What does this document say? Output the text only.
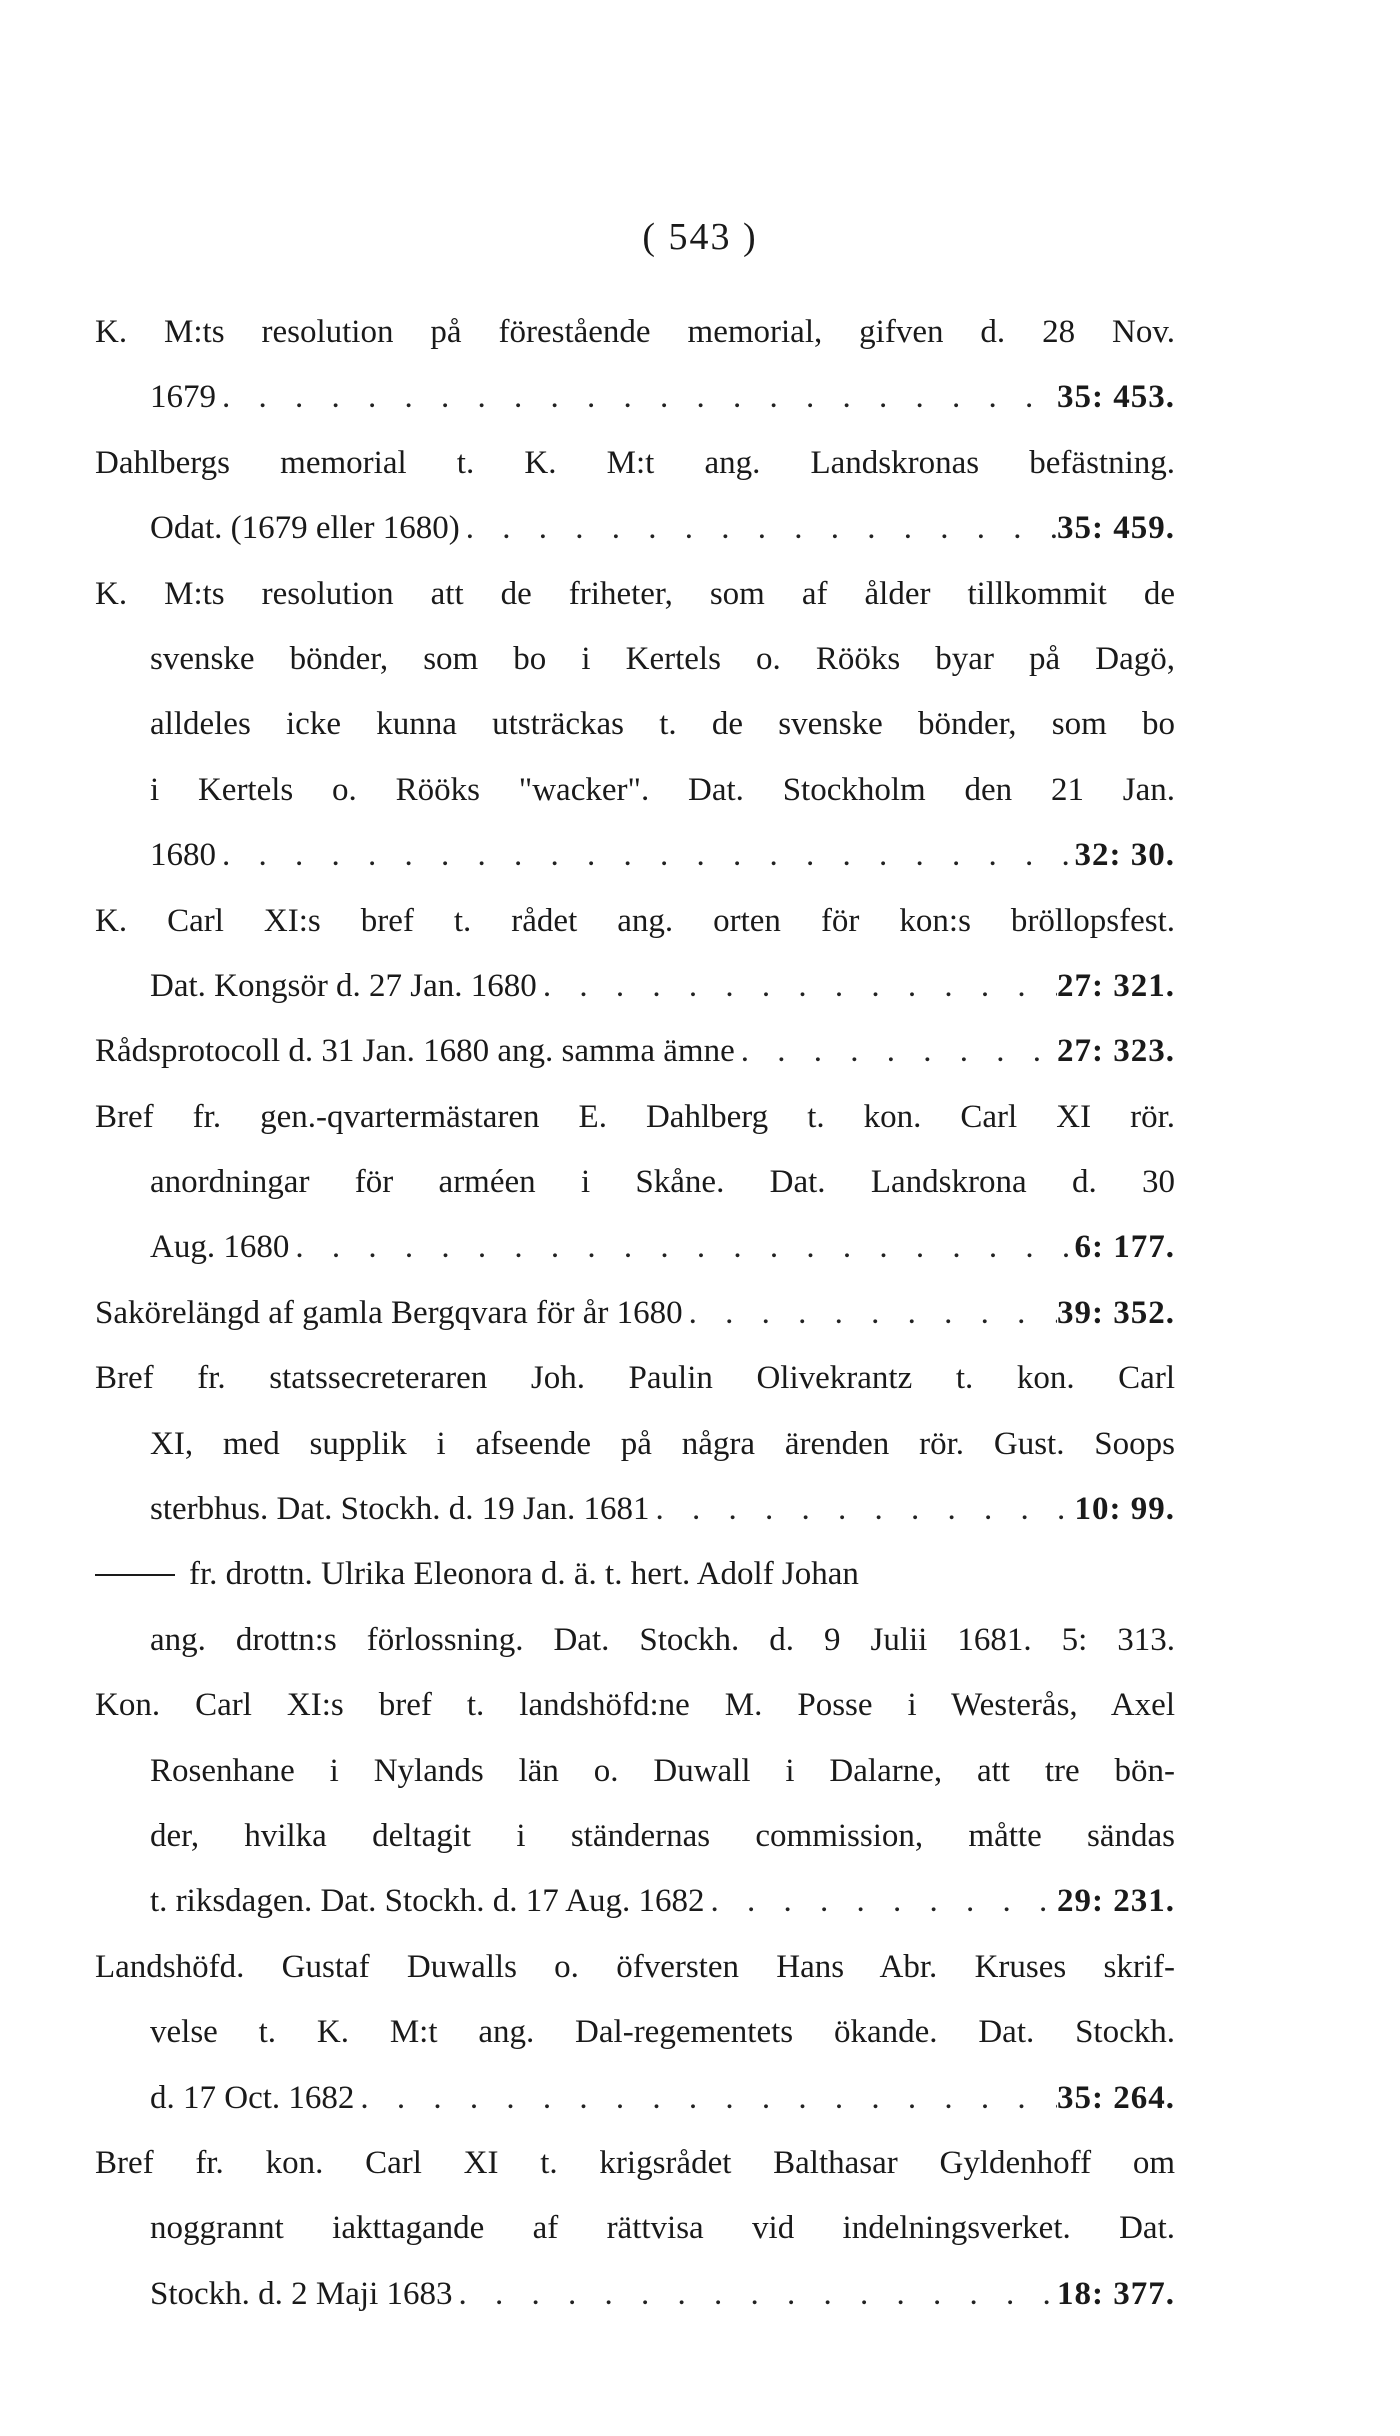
( 543 )
K. M:ts resolution på förestående memorial, gifven d. 28 Nov.
1679 . . .	35: 453.
Dahlbergs memorial t. K. M:t ang. Landskronas befästning.
Odat. (1679 eller 1680) . . .	35: 459.
K. M:ts resolution att de friheter, som af ålder tillkommit de
svenske bönder, som bo i Kertels o. Rööks byar på Dagö,
alldeles icke kunna utsträckas t. de svenske bönder, som bo
i Kertels o. Rööks "wacker". Dat. Stockholm den 21 Jan.
1680 . . .	32: 30.
K. Carl XI:s bref t. rådet ang. orten för kon:s bröllopsfest.
Dat. Kongsör d. 27 Jan. 1680 . . .	27: 321.
Rådsprotocoll d. 31 Jan. 1680 ang. samma ämne . . .	27: 323.
Bref fr. gen.-qvartermästaren E. Dahlberg t. kon. Carl XI rör.
anordningar för arméen i Skåne. Dat. Landskrona d. 30
Aug. 1680 . . .	6: 177.
Sakörelängd af gamla Bergqvara för år 1680 . . .	39: 352.
Bref fr. statssecreteraren Joh. Paulin Olivekrantz t. kon. Carl
XI, med supplik i afseende på några ärenden rör. Gust. Soops
sterbhus. Dat. Stockh. d. 19 Jan. 1681 . . .	10: 99.
fr. drottn. Ulrika Eleonora d. ä. t. hert. Adolf Johan
ang. drottn:s förlossning. Dat. Stockh. d. 9 Julii 1681. 5: 313.
Kon. Carl XI:s bref t. landshöfd:ne M. Posse i Westerås, Axel
Rosenhane i Nylands län o. Duwall i Dalarne, att tre bön-
der, hvilka deltagit i ständernas commission, måtte sändas
t. riksdagen. Dat. Stockh. d. 17 Aug. 1682 . . .	29: 231.
Landshöfd. Gustaf Duwalls o. öfversten Hans Abr. Kruses skrif-
velse t. K. M:t ang. Dal-regementets ökande. Dat. Stockh.
d. 17 Oct. 1682 . . .	35: 264.
Bref fr. kon. Carl XI t. krigsrådet Balthasar Gyldenhoff om
noggrannt iakttagande af rättvisa vid indelningsverket. Dat.
Stockh. d. 2 Maji 1683 . . .	18: 377.
